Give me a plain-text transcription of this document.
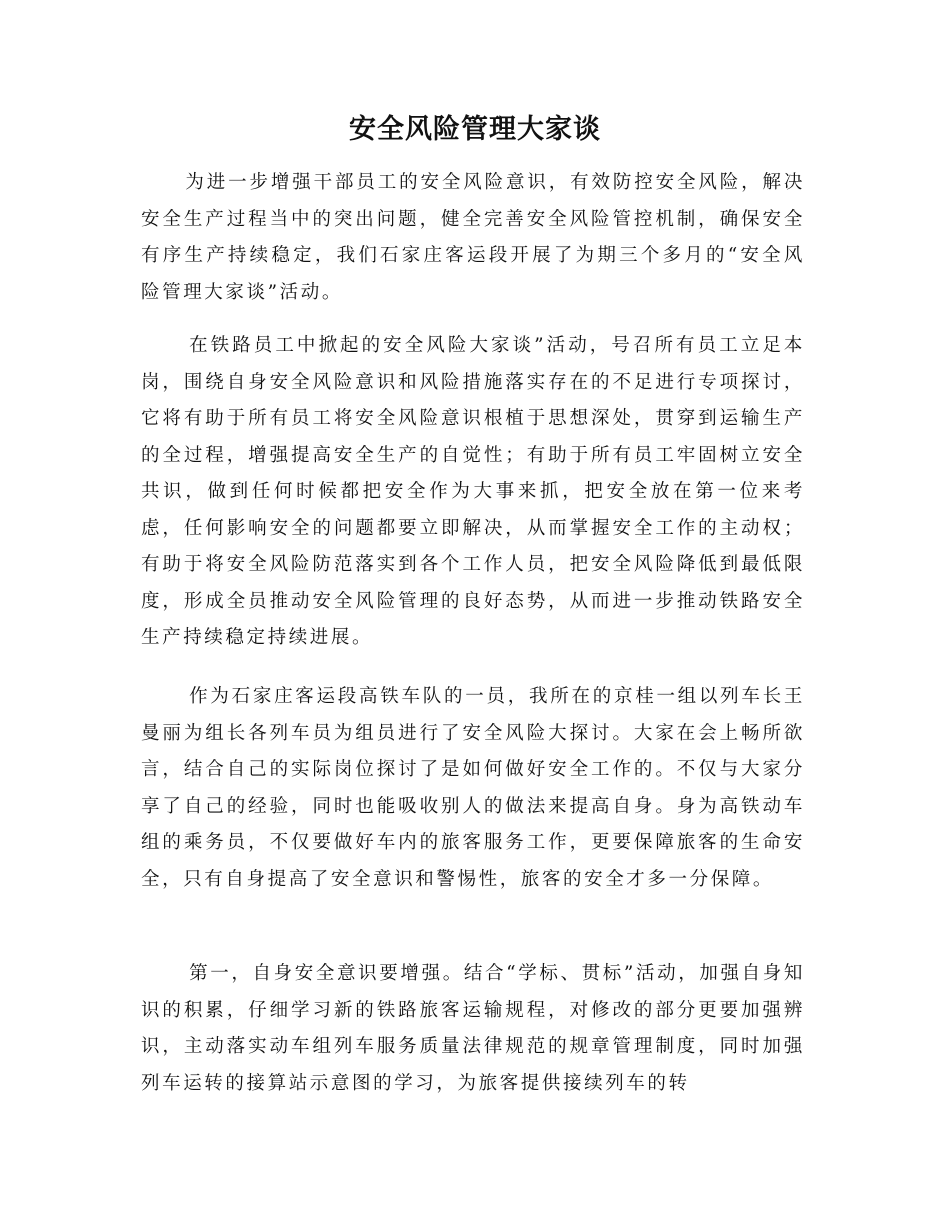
安全风险管理大家谈

为进一步增强干部员工的安全风险意识，有效防控安全风险，解决安全生产过程当中的突出问题，健全完善安全风险管控机制，确保安全有序生产持续稳定，我们石家庄客运段开展了为期三个多月的“安全风险管理大家谈”活动。

在铁路员工中掀起的安全风险大家谈”活动，号召所有员工立足本岗，围绕自身安全风险意识和风险措施落实存在的不足进行专项探讨，它将有助于所有员工将安全风险意识根植于思想深处，贯穿到运输生产的全过程，增强提高安全生产的自觉性；有助于所有员工牢固树立安全共识，做到任何时候都把安全作为大事来抓，把安全放在第一位来考虑，任何影响安全的问题都要立即解决，从而掌握安全工作的主动权；有助于将安全风险防范落实到各个工作人员，把安全风险降低到最低限度，形成全员推动安全风险管理的良好态势，从而进一步推动铁路安全生产持续稳定持续进展。

作为石家庄客运段高铁车队的一员，我所在的京桂一组以列车长王曼丽为组长各列车员为组员进行了安全风险大探讨。大家在会上畅所欲言，结合自己的实际岗位探讨了是如何做好安全工作的。不仅与大家分享了自己的经验，同时也能吸收别人的做法来提高自身。身为高铁动车组的乘务员，不仅要做好车内的旅客服务工作，更要保障旅客的生命安全，只有自身提高了安全意识和警惕性，旅客的安全才多一分保障。

第一，自身安全意识要增强。结合“学标、贯标”活动，加强自身知识的积累，仔细学习新的铁路旅客运输规程，对修改的部分更要加强辨识，主动落实动车组列车服务质量法律规范的规章管理制度，同时加强列车运转的接算站示意图的学习，为旅客提供接续列车的转
